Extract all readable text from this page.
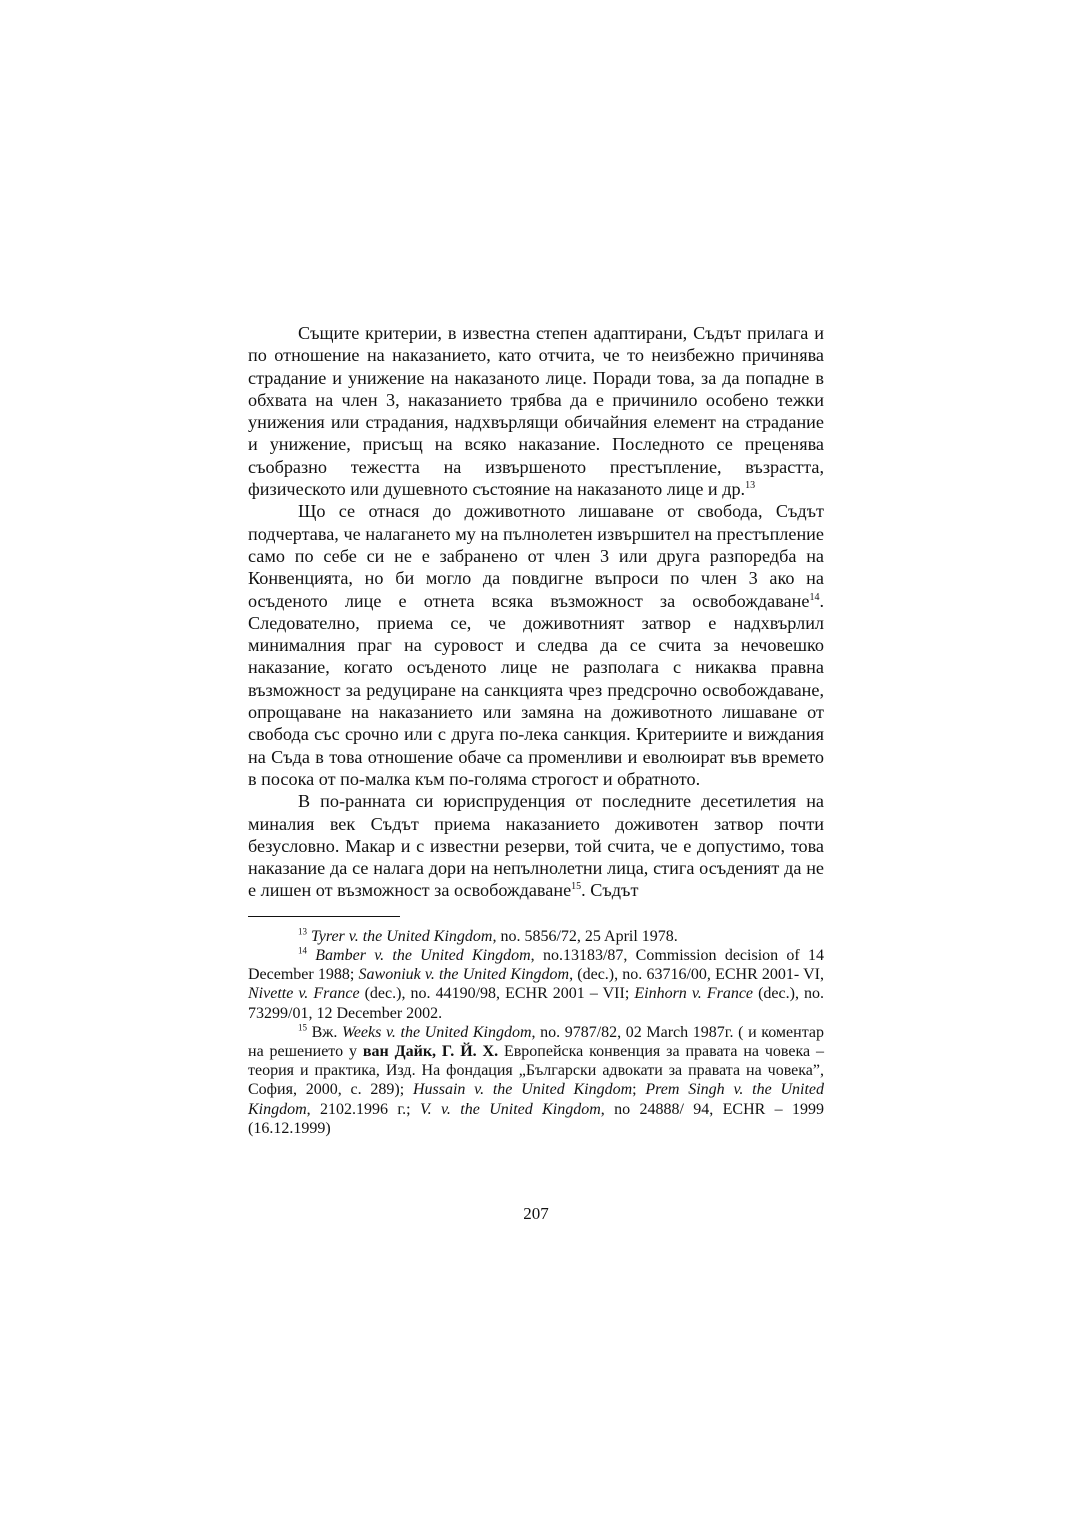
Същите критерии, в известна степен адаптирани, Съдът прилага и по отношение на наказанието, като отчита, че то неизбежно причинява страдание и унижение на наказаното лице. Поради това, за да попадне в обхвата на член 3, наказанието трябва да е причинило особено тежки унижения или страдания, надхвърлящи обичайния елемент на страдание и унижение, присъщ на всяко наказание. Последното се преценява съобразно тежестта на извършеното престъпление, възрастта, физическото или душевното състояние на наказаното лице и др.$^{13}$

Що се отнася до доживотното лишаване от свобода, Съдът подчертава, че налагането му на пълнолетен извършител на престъпление само по себе си не е забранено от член 3 или друга разпоредба на Конвенцията, но би могло да повдигне въпроси по член 3 ако на осъденото лице е отнета всяка възможност за освобождаване$^{14}$. Следователно, приема се, че доживотният затвор е надхвърлил минималния праг на суровост и следва да се счита за нечовешко наказание, когато осъденото лице не разполага с никаква правна възможност за редуциране на санкцията чрез предсрочно освобождаване, опрощаване на наказанието или замяна на доживотното лишаване от свобода със срочно или с друга по-лека санкция. Критериите и виждания на Съда в това отношение обаче са променливи и еволюират във времето в посока от по-малка към по-голяма строгост и обратното.

В по-ранната си юриспруденция от последните десетилетия на миналия век Съдът приема наказанието доживотен затвор почти безусловно. Макар и с известни резерви, той счита, че е допустимо, това наказание да се налага дори на непълнолетни лица, стига осъденият да не е лишен от възможност за освобождаване$^{15}$. Съдът

$^{13}$ Tyrer v. the United Kingdom, no. 5856/72, 25 April 1978.

$^{14}$ Bamber v. the United Kingdom, no.13183/87, Commission decision of 14 December 1988; Sawoniuk v. the United Kingdom, (dec.), no. 63716/00, ECHR 2001- VI, Nivette v. France (dec.), no. 44190/98, ECHR 2001 – VII; Einhorn v. France (dec.), no. 73299/01, 12 December 2002.

$^{15}$ Вж. Weeks v. the United Kingdom, no. 9787/82, 02 March 1987г. ( и коментар на решението у ван Дайк, Г. Й. Х. Европейска конвенция за правата на човека – теория и практика, Изд. На фондация „Български адвокати за правата на човека”, София, 2000, с. 289); Hussain v. the United Kingdom; Prem Singh v. the United Kingdom, 2102.1996 г.; V. v. the United Kingdom, no 24888/ 94, ECHR – 1999 (16.12.1999)

207
